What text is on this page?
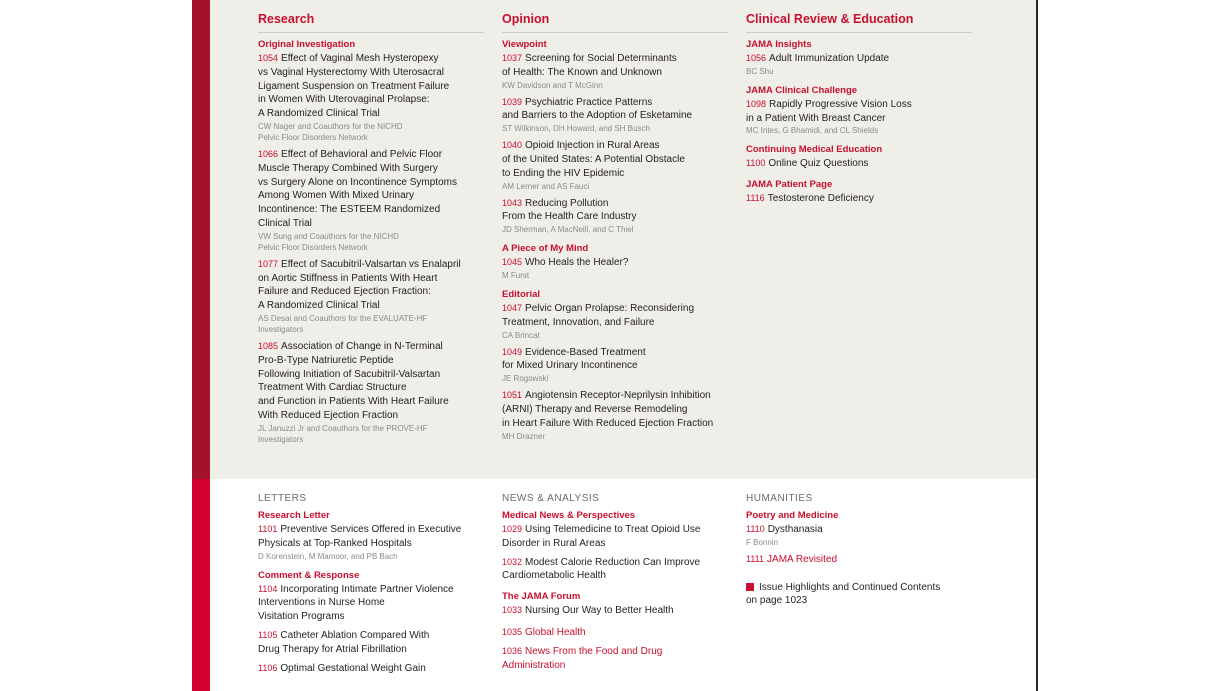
Research
Original Investigation
1054 Effect of Vaginal Mesh Hysteropexy
vs Vaginal Hysterectomy With Uterosacral
Ligament Suspension on Treatment Failure
in Women With Uterovaginal Prolapse:
A Randomized Clinical Trial
CW Nager and Coauthors for the NICHD
Pelvic Floor Disorders Network
1066 Effect of Behavioral and Pelvic Floor
Muscle Therapy Combined With Surgery
vs Surgery Alone on Incontinence Symptoms
Among Women With Mixed Urinary
Incontinence: The ESTEEM Randomized
Clinical Trial
VW Sung and Coauthors for the NICHD
Pelvic Floor Disorders Network
1077 Effect of Sacubitril-Valsartan vs Enalapril
on Aortic Stiffness in Patients With Heart
Failure and Reduced Ejection Fraction:
A Randomized Clinical Trial
AS Desai and Coauthors for the EVALUATE-HF
Investigators
1085 Association of Change in N-Terminal
Pro-B-Type Natriuretic Peptide
Following Initiation of Sacubitril-Valsartan
Treatment With Cardiac Structure
and Function in Patients With Heart Failure
With Reduced Ejection Fraction
JL Januzzi Jr and Coauthors for the PROVE-HF
Investigators
Opinion
Viewpoint
1037 Screening for Social Determinants
of Health: The Known and Unknown
KW Davidson and T McGinn
1039 Psychiatric Practice Patterns
and Barriers to the Adoption of Esketamine
ST Wilkinson, DH Howard, and SH Busch
1040 Opioid Injection in Rural Areas
of the United States: A Potential Obstacle
to Ending the HIV Epidemic
AM Lerner and AS Fauci
1043 Reducing Pollution
From the Health Care Industry
JD Sherman, A MacNeill, and C Thiel
A Piece of My Mind
1045 Who Heals the Healer?
M Furst
Editorial
1047 Pelvic Organ Prolapse: Reconsidering
Treatment, Innovation, and Failure
CA Brincat
1049 Evidence-Based Treatment
for Mixed Urinary Incontinence
JE Rogowski
1051 Angiotensin Receptor-Neprilysin Inhibition
(ARNI) Therapy and Reverse Remodeling
in Heart Failure With Reduced Ejection Fraction
MH Drazner
Clinical Review & Education
JAMA Insights
1056 Adult Immunization Update
BC Shu
JAMA Clinical Challenge
1098 Rapidly Progressive Vision Loss
in a Patient With Breast Cancer
MC Intes, G Bhamidi, and CL Shields
Continuing Medical Education
1100 Online Quiz Questions
JAMA Patient Page
1116 Testosterone Deficiency
LETTERS
Research Letter
1101 Preventive Services Offered in Executive
Physicals at Top-Ranked Hospitals
D Korenstein, M Mamoor, and PB Bach
Comment & Response
1104 Incorporating Intimate Partner Violence
Interventions in Nurse Home
Visitation Programs
1105 Catheter Ablation Compared With
Drug Therapy for Atrial Fibrillation
1106 Optimal Gestational Weight Gain
NEWS & ANALYSIS
Medical News & Perspectives
1029 Using Telemedicine to Treat Opioid Use
Disorder in Rural Areas
1032 Modest Calorie Reduction Can Improve
Cardiometabolic Health
The JAMA Forum
1033 Nursing Our Way to Better Health
1035 Global Health
1036 News From the Food and Drug
Administration
HUMANITIES
Poetry and Medicine
1110 Dysthanasia
F Bonnin
1111 JAMA Revisited
Issue Highlights and Continued Contents
on page 1023
